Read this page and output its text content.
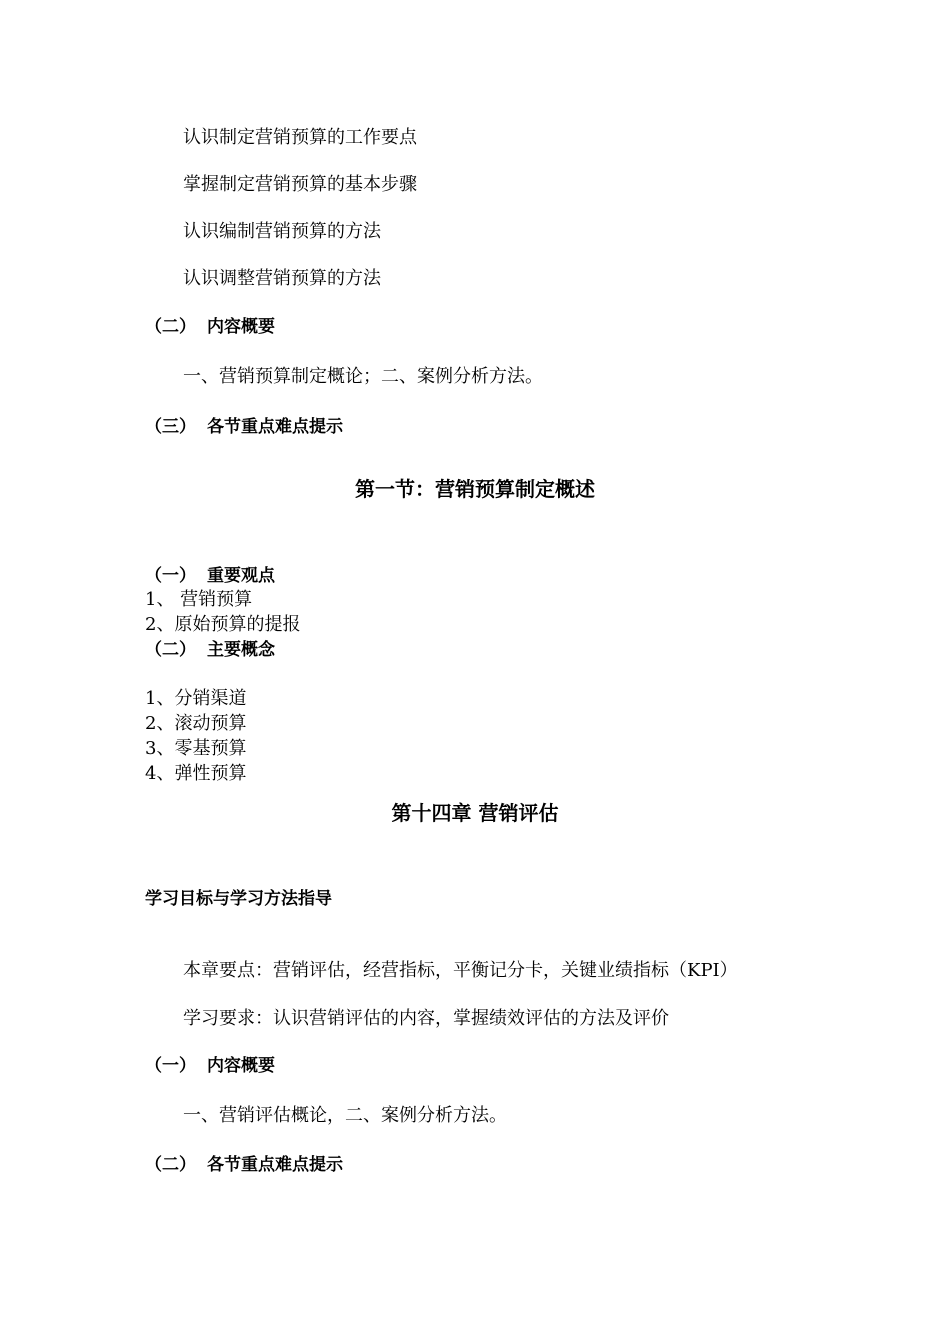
认识制定营销预算的工作要点
掌握制定营销预算的基本步骤
认识编制营销预算的方法
认识调整营销预算的方法
（二） 内容概要
一、营销预算制定概论；二、案例分析方法。
（三） 各节重点难点提示
第一节：营销预算制定概述
（一） 重要观点
1、 营销预算
2、原始预算的提报
（二） 主要概念
1、分销渠道
2、滚动预算
3、零基预算
4、弹性预算
第十四章 营销评估
学习目标与学习方法指导
本章要点：营销评估，经营指标，平衡记分卡，关键业绩指标（KPI）
学习要求：认识营销评估的内容，掌握绩效评估的方法及评价
（一） 内容概要
一、营销评估概论，二、案例分析方法。
（二） 各节重点难点提示
